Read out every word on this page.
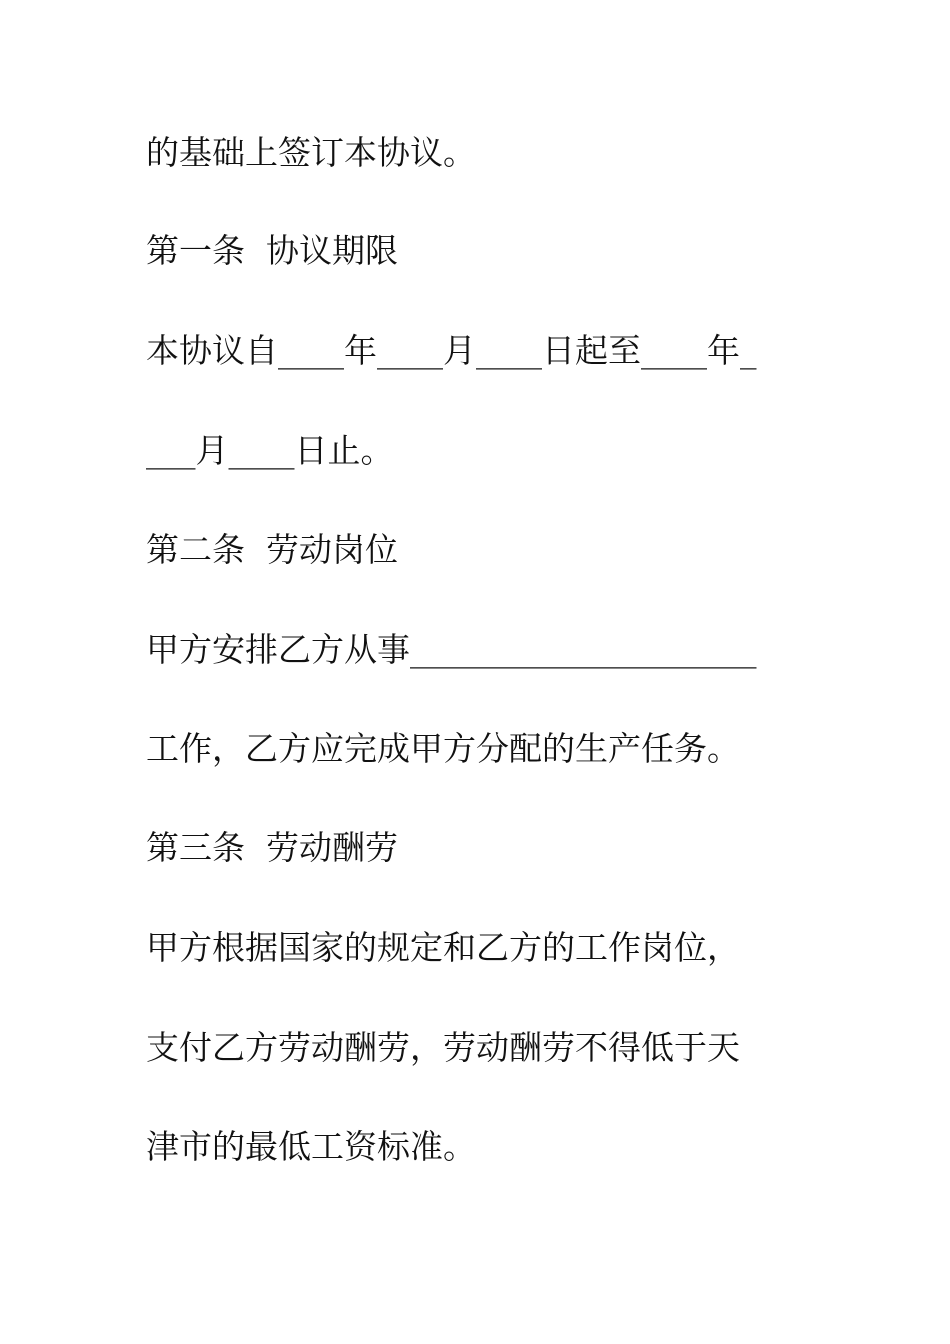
的基础上签订本协议。
第一条  协议期限
本协议自____年____月____日起至____年_
___月____日止。
第二条  劳动岗位
甲方安排乙方从事_____________________
工作，乙方应完成甲方分配的生产任务。
第三条  劳动酬劳
甲方根据国家的规定和乙方的工作岗位，
支付乙方劳动酬劳，劳动酬劳不得低于天
津市的最低工资标准。
